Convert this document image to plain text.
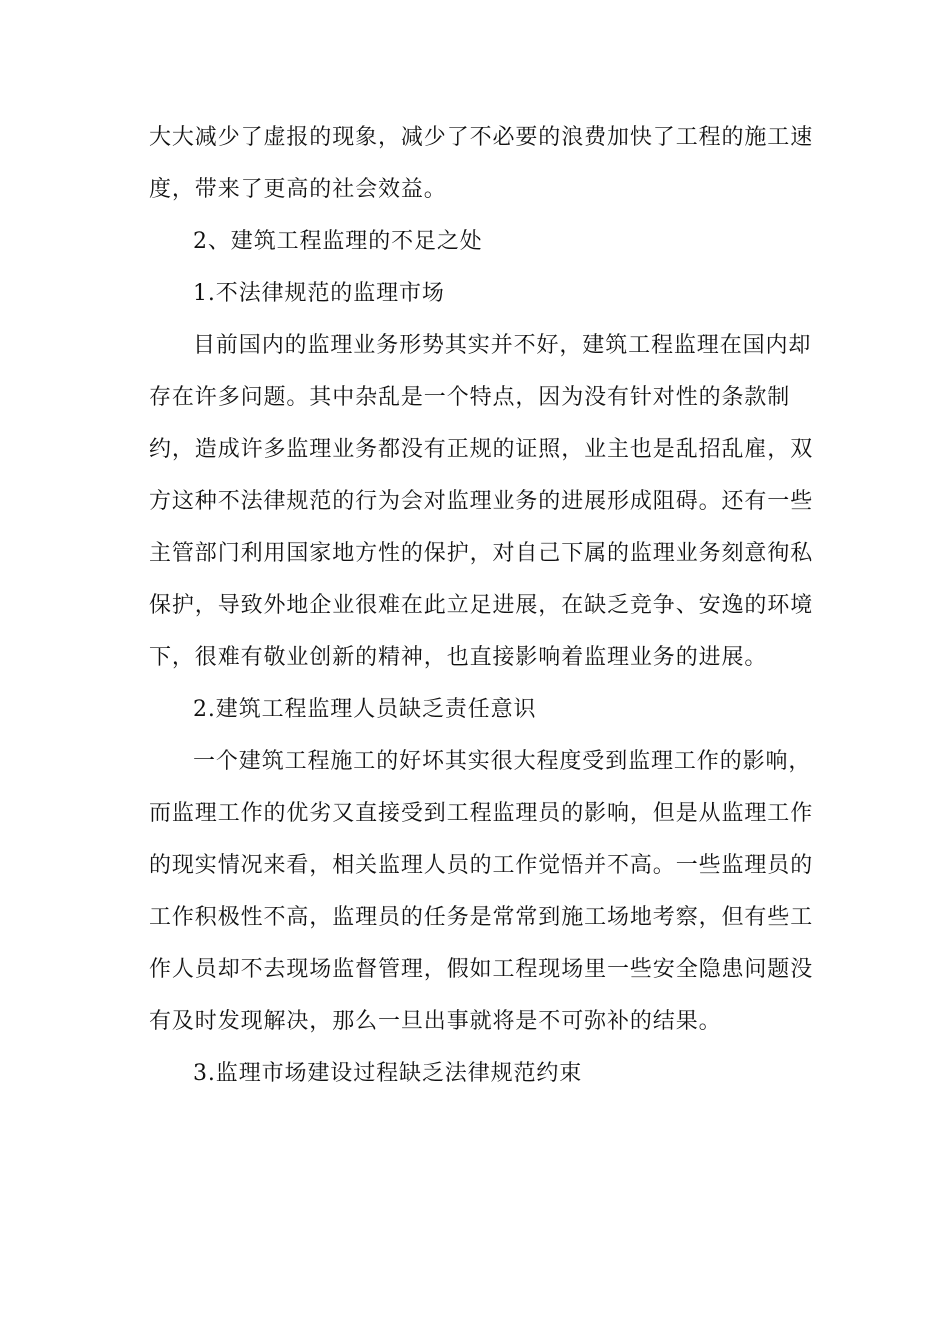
大大减少了虚报的现象，减少了不必要的浪费加快了工程的施工速
度，带来了更高的社会效益。
2、建筑工程监理的不足之处
1.不法律规范的监理市场
目前国内的监理业务形势其实并不好，建筑工程监理在国内却
存在许多问题。其中杂乱是一个特点，因为没有针对性的条款制
约，造成许多监理业务都没有正规的证照，业主也是乱招乱雇，双
方这种不法律规范的行为会对监理业务的进展形成阻碍。还有一些
主管部门利用国家地方性的保护，对自己下属的监理业务刻意徇私
保护，导致外地企业很难在此立足进展，在缺乏竞争、安逸的环境
下，很难有敬业创新的精神，也直接影响着监理业务的进展。
2.建筑工程监理人员缺乏责任意识
一个建筑工程施工的好坏其实很大程度受到监理工作的影响，
而监理工作的优劣又直接受到工程监理员的影响，但是从监理工作
的现实情况来看，相关监理人员的工作觉悟并不高。一些监理员的
工作积极性不高，监理员的任务是常常到施工场地考察，但有些工
作人员却不去现场监督管理，假如工程现场里一些安全隐患问题没
有及时发现解决，那么一旦出事就将是不可弥补的结果。
3.监理市场建设过程缺乏法律规范约束
